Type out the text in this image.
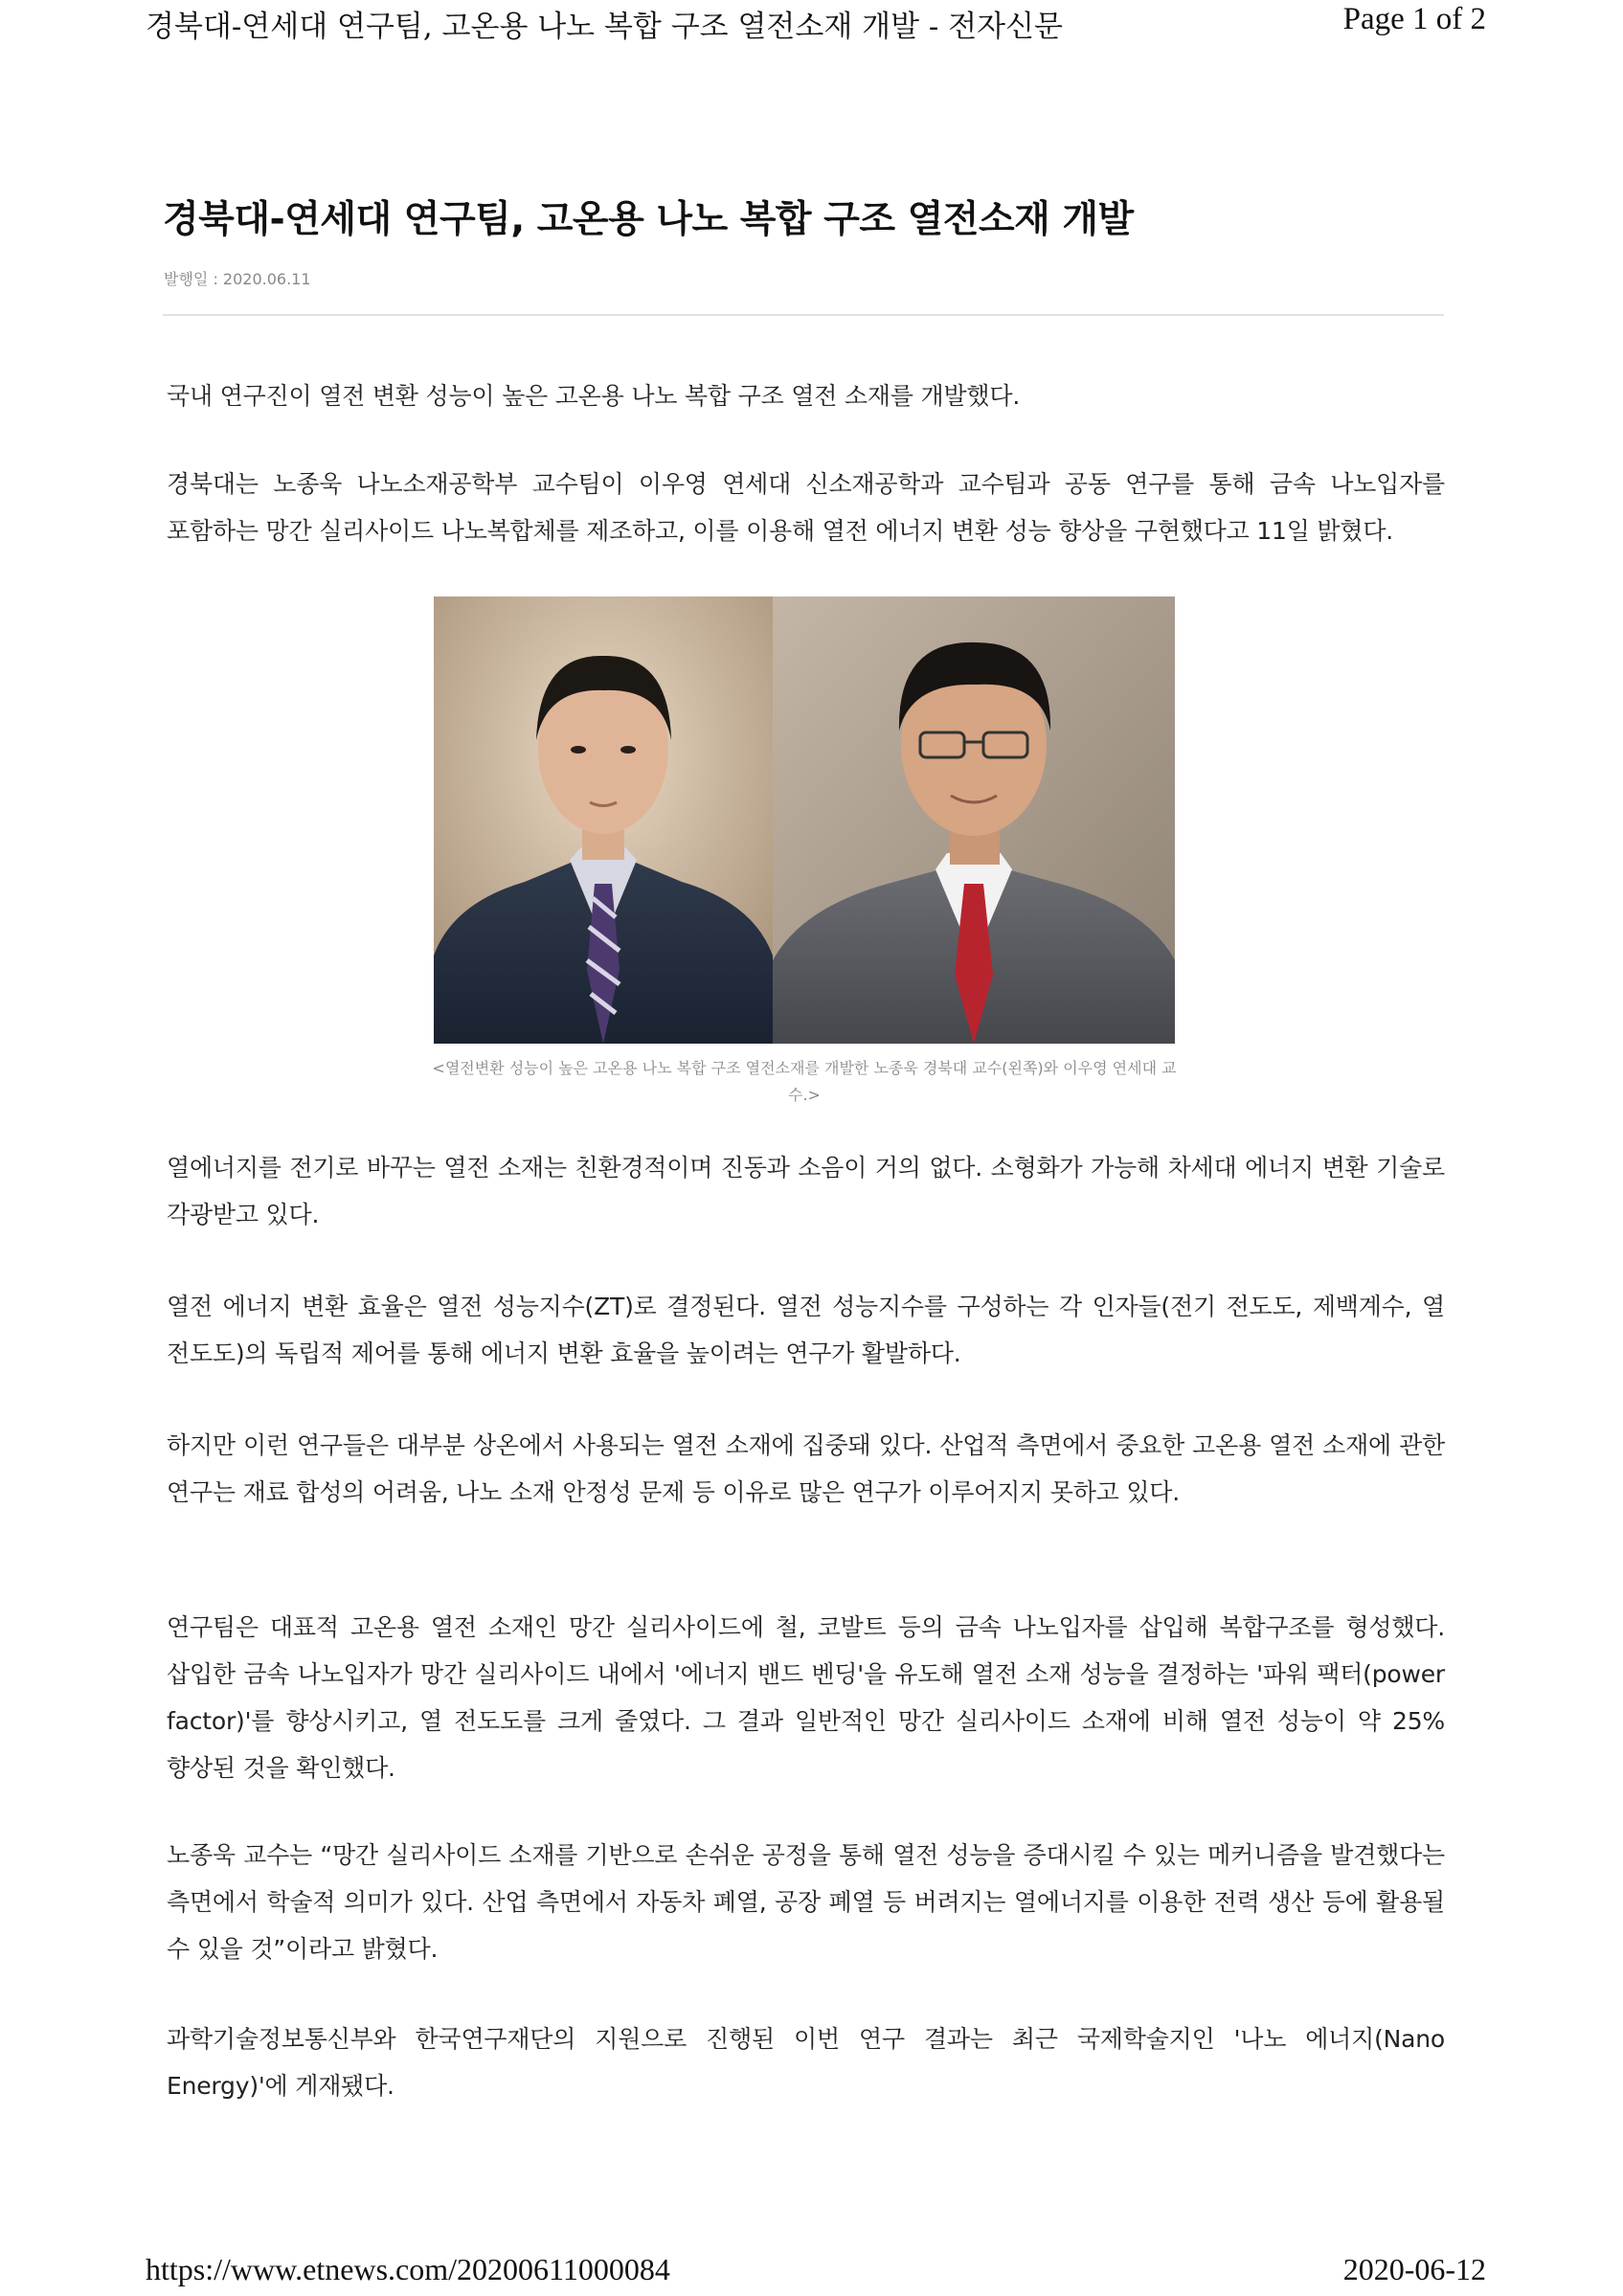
경북대-연세대 연구팀, 고온용 나노 복합 구조 열전소재 개발 - 전자신문	Page 1 of 2
경북대-연세대 연구팀, 고온용 나노 복합 구조 열전소재 개발
발행일 : 2020.06.11

국내 연구진이 열전 변환 성능이 높은 고온용 나노 복합 구조 열전 소재를 개발했다.

경북대는 노종욱 나노소재공학부 교수팀이 이우영 연세대 신소재공학과 교수팀과 공동 연구를 통해 금속 나노입자를 포함하는 망간 실리사이드 나노복합체를 제조하고, 이를 이용해 열전 에너지 변환 성능 향상을 구현했다고 11일 밝혔다.

<열전변환 성능이 높은 고온용 나노 복합 구조 열전소재를 개발한 노종욱 경북대 교수(왼쪽)와 이우영 연세대 교수.>

열에너지를 전기로 바꾸는 열전 소재는 친환경적이며 진동과 소음이 거의 없다. 소형화가 가능해 차세대 에너지 변환 기술로 각광받고 있다.

열전 에너지 변환 효율은 열전 성능지수(ZT)로 결정된다. 열전 성능지수를 구성하는 각 인자들(전기 전도도, 제백계수, 열 전도도)의 독립적 제어를 통해 에너지 변환 효율을 높이려는 연구가 활발하다.

하지만 이런 연구들은 대부분 상온에서 사용되는 열전 소재에 집중돼 있다. 산업적 측면에서 중요한 고온용 열전 소재에 관한 연구는 재료 합성의 어려움, 나노 소재 안정성 문제 등 이유로 많은 연구가 이루어지지 못하고 있다.

연구팀은 대표적 고온용 열전 소재인 망간 실리사이드에 철, 코발트 등의 금속 나노입자를 삽입해 복합구조를 형성했다. 삽입한 금속 나노입자가 망간 실리사이드 내에서 '에너지 밴드 벤딩'을 유도해 열전 소재 성능을 결정하는 '파워 팩터(power factor)'를 향상시키고, 열 전도도를 크게 줄였다. 그 결과 일반적인 망간 실리사이드 소재에 비해 열전 성능이 약 25% 향상된 것을 확인했다.

노종욱 교수는 “망간 실리사이드 소재를 기반으로 손쉬운 공정을 통해 열전 성능을 증대시킬 수 있는 메커니즘을 발견했다는 측면에서 학술적 의미가 있다. 산업 측면에서 자동차 폐열, 공장 폐열 등 버려지는 열에너지를 이용한 전력 생산 등에 활용될 수 있을 것”이라고 밝혔다.

과학기술정보통신부와 한국연구재단의 지원으로 진행된 이번 연구 결과는 최근 국제학술지인 '나노 에너지(Nano Energy)'에 게재됐다.

https://www.etnews.com/20200611000084	2020-06-12
